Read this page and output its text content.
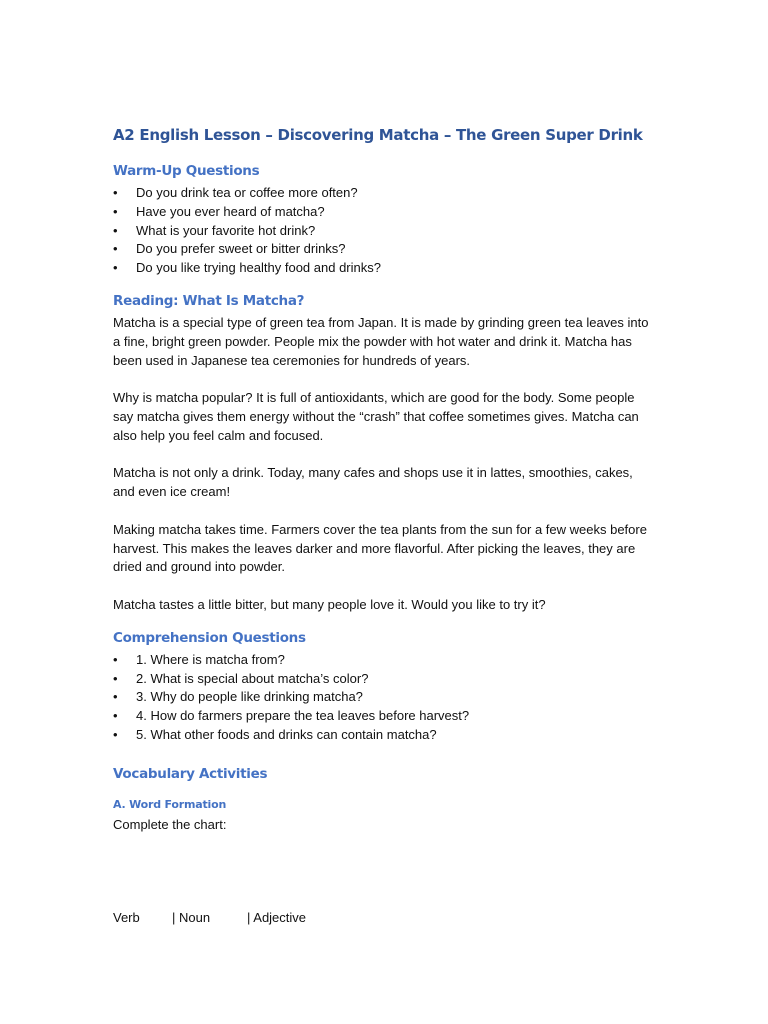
A2 English Lesson – Discovering Matcha – The Green Super Drink
Warm-Up Questions
• Do you drink tea or coffee more often?
• Have you ever heard of matcha?
• What is your favorite hot drink?
• Do you prefer sweet or bitter drinks?
• Do you like trying healthy food and drinks?
Reading: What Is Matcha?

Matcha is a special type of green tea from Japan. It is made by grinding green tea leaves into a fine, bright green powder. People mix the powder with hot water and drink it. Matcha has been used in Japanese tea ceremonies for hundreds of years.

Why is matcha popular? It is full of antioxidants, which are good for the body. Some people say matcha gives them energy without the “crash” that coffee sometimes gives. Matcha can also help you feel calm and focused.

Matcha is not only a drink. Today, many cafes and shops use it in lattes, smoothies, cakes, and even ice cream!

Making matcha takes time. Farmers cover the tea plants from the sun for a few weeks before harvest. This makes the leaves darker and more flavorful. After picking the leaves, they are dried and ground into powder.

Matcha tastes a little bitter, but many people love it. Would you like to try it?

Comprehension Questions
• 1. Where is matcha from?
• 2. What is special about matcha’s color?
• 3. Why do people like drinking matcha?
• 4. How do farmers prepare the tea leaves before harvest?
• 5. What other foods and drinks can contain matcha?
Vocabulary Activities
A. Word Formation

Complete the chart:

Verb | Noun	| Adjective
